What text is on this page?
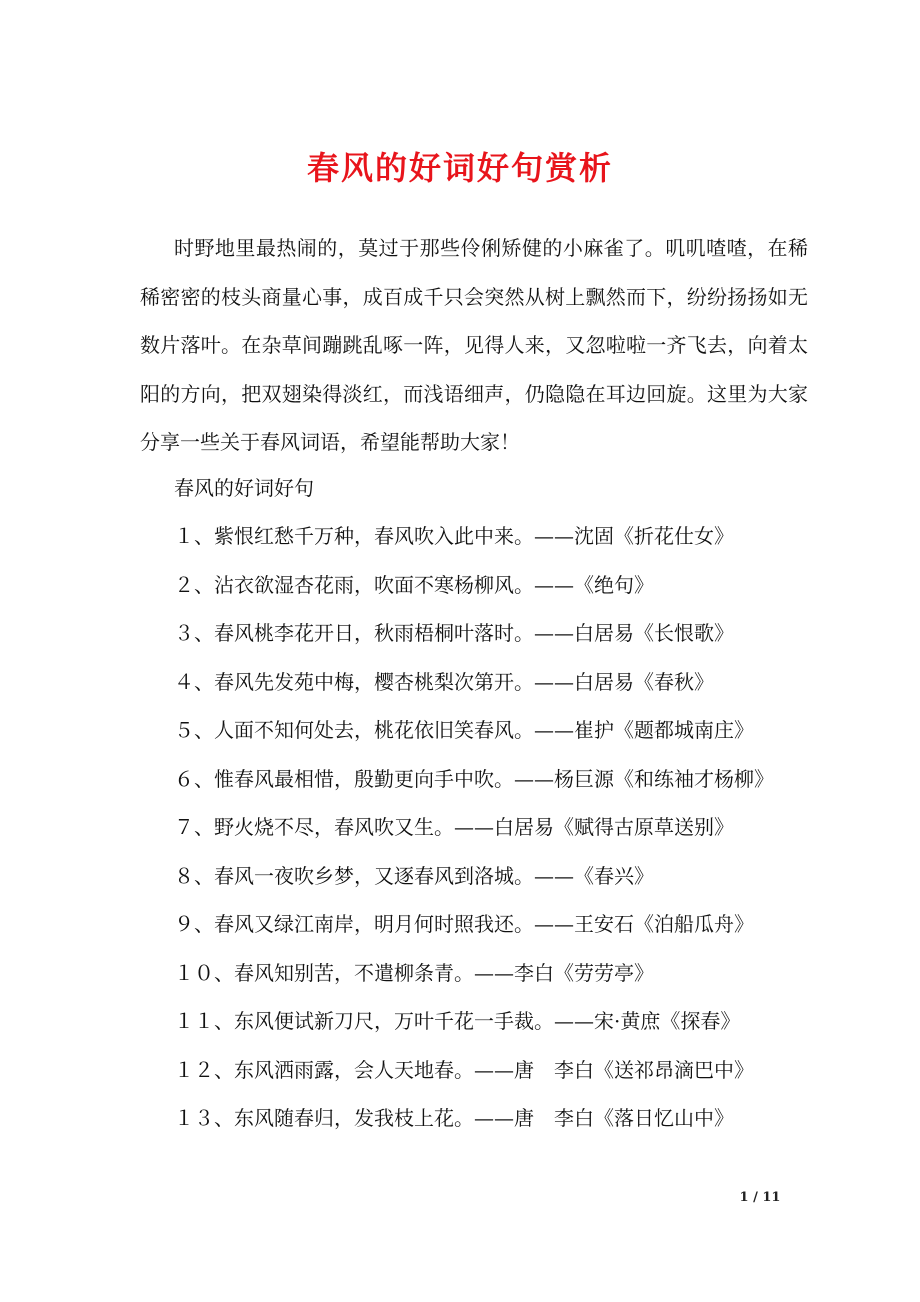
春风的好词好句赏析

时野地里最热闹的，莫过于那些伶俐矫健的小麻雀了。叽叽喳喳，在稀稀密密的枝头商量心事，成百成千只会突然从树上飘然而下，纷纷扬扬如无数片落叶。在杂草间蹦跳乱啄一阵，见得人来，又忽啦啦一齐飞去，向着太阳的方向，把双翅染得淡红，而浅语细声，仍隐隐在耳边回旋。这里为大家分享一些关于春风词语，希望能帮助大家！

春风的好词好句

１、紫恨红愁千万种，春风吹入此中来。——沈固《折花仕女》
２、沾衣欲湿杏花雨，吹面不寒杨柳风。——《绝句》
３、春风桃李花开日，秋雨梧桐叶落时。——白居易《长恨歌》
４、春风先发苑中梅，樱杏桃梨次第开。——白居易《春秋》
５、人面不知何处去，桃花依旧笑春风。——崔护《题都城南庄》
６、惟春风最相惜，殷勤更向手中吹。——杨巨源《和练袖才杨柳》
７、野火烧不尽，春风吹又生。——白居易《赋得古原草送别》
８、春风一夜吹乡梦，又逐春风到洛城。——《春兴》
９、春风又绿江南岸，明月何时照我还。——王安石《泊船瓜舟》
１０、春风知别苦，不遣柳条青。——李白《劳劳亭》
１１、东风便试新刀尺，万叶千花一手裁。——宋·黄庶《探春》
１２、东风洒雨露，会人天地春。——唐　李白《送祁昂滴巴中》
１３、东风随春归，发我枝上花。——唐　李白《落日忆山中》
1 / 11
